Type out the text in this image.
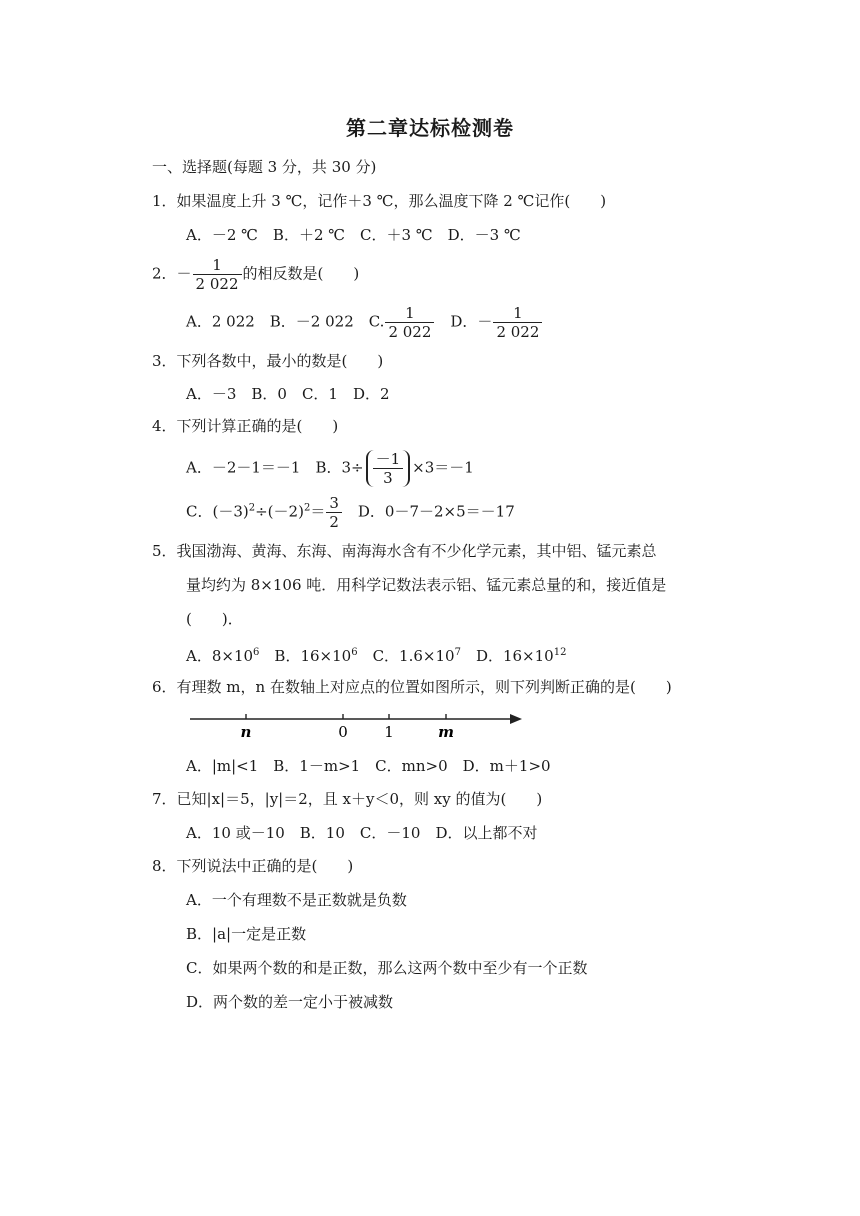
第二章达标检测卷
一、选择题(每题 3 分，共 30 分)
1．如果温度上升 3 ℃，记作＋3 ℃，那么温度下降 2 ℃记作(　　)
A．－2 ℃　B．＋2 ℃　C．＋3 ℃　D．－3 ℃
2．－ $\frac{1}{2 022}$ 的相反数是(　　)
A．2 022　B．－2 022　C. $\frac{1}{2 022}$ 　D．－ $\frac{1}{2 022}$
3．下列各数中，最小的数是(　　)
A．－3　B．0　C．1　D．2
4．下列计算正确的是(　　)
A．－2－1＝－1　B．$3\div \frac{-1}{3} \times 3=-1$
C．$(-3)^2\div(-2)^2= \frac{3}{2}$ 　D．0－7－2×5＝－17
5．我国渤海、黄海、东海、南海海水含有不少化学元素，其中铝、锰元素总
量均约为 8×106 吨．用科学记数法表示铝、锰元素总量的和，接近值是
(　　)．
A．$8\times 10^6$　B．$16\times 10^6$　C．$1.6\times 10^7$　D．$16\times 10^{12}$
6．有理数 m，n 在数轴上对应点的位置如图所示，则下列判断正确的是(　　)
n	0 1	m
A．|m|<1　B．1－m>1　C．mn>0　D．m＋1>0
7．已知|x|＝5，|y|＝2，且 x＋y＜0，则 xy 的值为(　　)
A．10 或－10　B．10　C．－10　D．以上都不对
8．下列说法中正确的是(　　)
A．一个有理数不是正数就是负数
B．|a|一定是正数
C．如果两个数的和是正数，那么这两个数中至少有一个正数
D．两个数的差一定小于被减数
